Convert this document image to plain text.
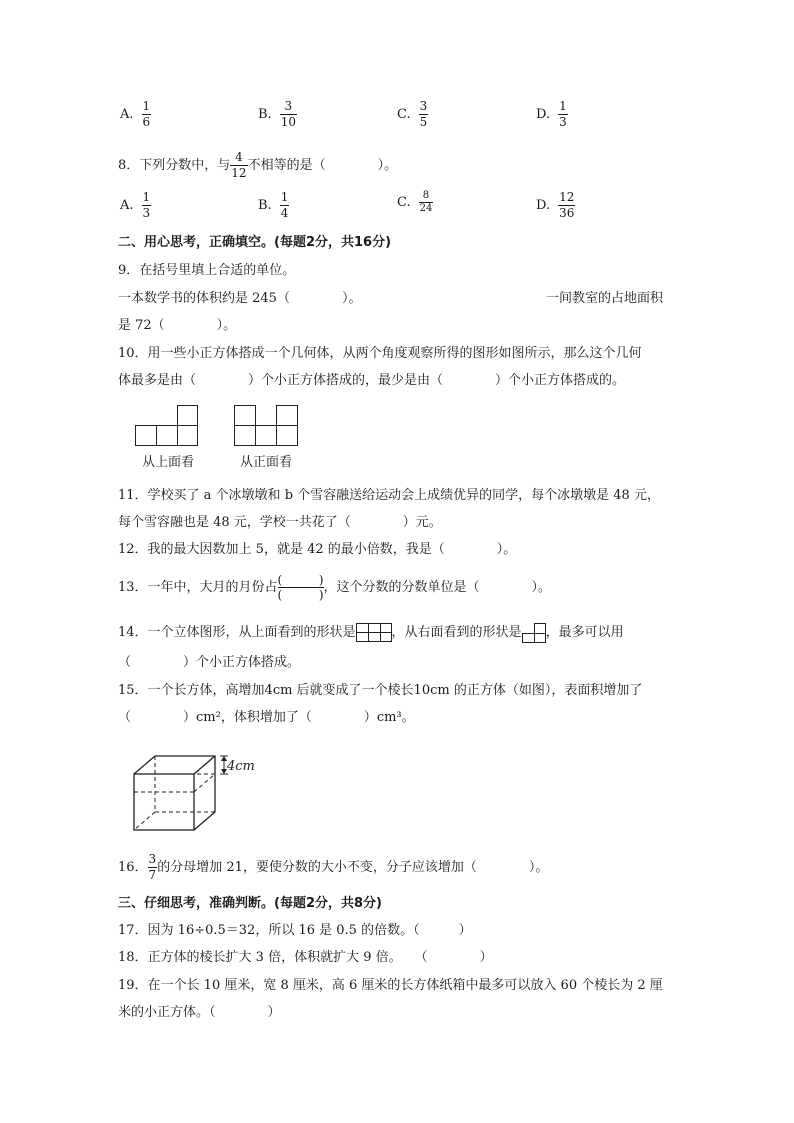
A. $\frac{1}{6}$	B. $\frac{3}{10}$	C. $\frac{3}{5}$	D. $\frac{1}{3}$
8．下列分数中，与 $\frac{4}{12}$ 不相等的是（　　　　）。
A. $\frac{1}{3}$	B. $\frac{1}{4}$	C. $\frac{8}{24}$	D. $\frac{12}{36}$
二、用心思考，正确填空。(每题2分，共16分)
9．在括号里填上合适的单位。
一本数学书的体积约是 245（　　　　）。	一间教室的占地面积
是 72（　　　　）。
10．用一些小正方体搭成一个几何体，从两个角度观察所得的图形如图所示，那么这个几何
体最多是由（　　　　）个小正方体搭成的，最少是由（　　　　）个小正方体搭成的。
从上面看	从正面看
11．学校买了 a 个冰墩墩和 b 个雪容融送给运动会上成绩优异的同学，每个冰墩墩是 48 元，
每个雪容融也是 48 元，学校一共花了（　　　　）元。
12．我的最大因数加上 5，就是 42 的最小倍数，我是（　　　　）。
13．一年中，大月的月份占 (	)
(	) ，这个分数的分数单位是（　　　　）。
14．一个立体图形，从上面看到的形状是	，从右面看到的形状是 ，最多可以用
（　　　　）个小正方体搭成。
15．一个长方体，高增加4cm 后就变成了一个棱长10cm 的正方体（如图），表面积增加了
（　　　　）cm²，体积增加了（　　　　）cm³。
4cm
16． $\frac{3}{7}$ 的分母增加 21，要使分数的大小不变，分子应该增加（　　　　）。
三、仔细思考，准确判断。(每题2分，共8分)
17．因为 16÷0.5＝32，所以 16 是 0.5 的倍数。（　　　）
18．正方体的棱长扩大 3 倍，体积就扩大 9 倍。　　（　　　　）
19．在一个长 10 厘米，宽 8 厘米，高 6 厘米的长方体纸箱中最多可以放入 60 个棱长为 2 厘
米的小正方体。（　　　　）
